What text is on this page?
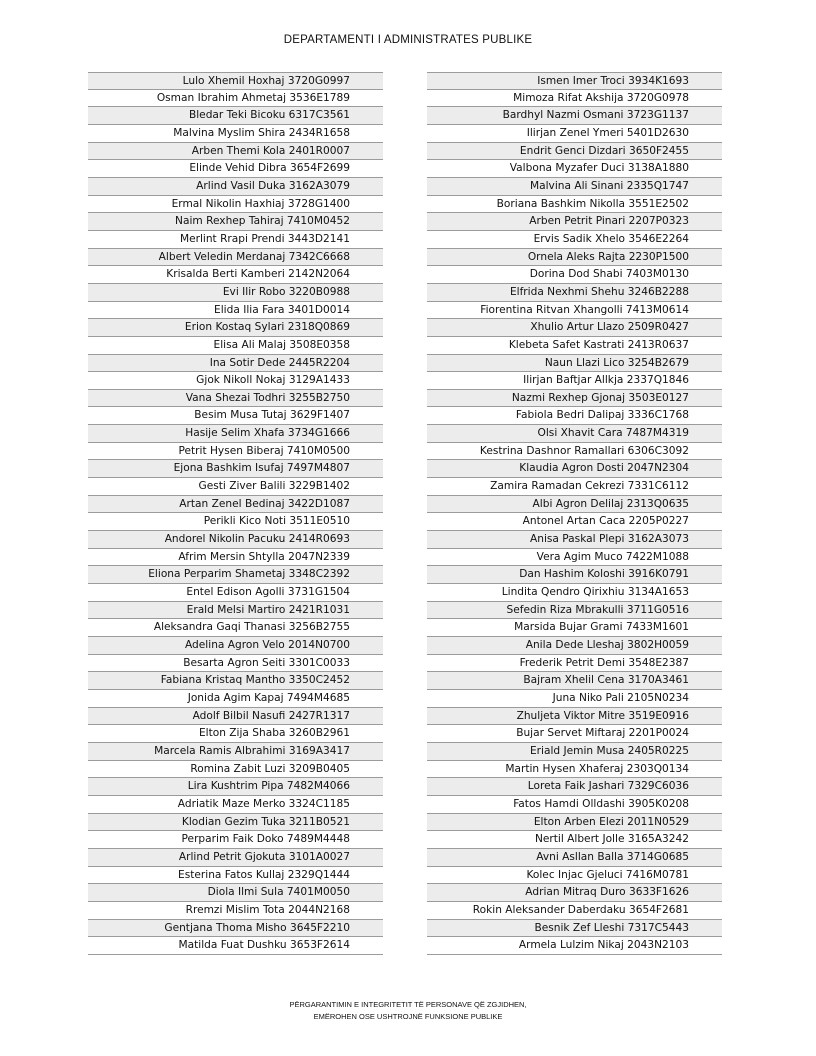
DEPARTAMENTI I ADMINISTRATES PUBLIKE
Lulo Xhemil Hoxhaj 3720G0997
Osman Ibrahim Ahmetaj 3536E1789
Bledar Teki Bicoku 6317C3561
Malvina Myslim Shira 2434R1658
Arben Themi Kola 2401R0007
Elinde Vehid Dibra 3654F2699
Arlind Vasil Duka 3162A3079
Ermal Nikolin Haxhiaj 3728G1400
Naim Rexhep Tahiraj 7410M0452
Merlint Rrapi Prendi 3443D2141
Albert Veledin Merdanaj 7342C6668
Krisalda Berti Kamberi 2142N2064
Evi Ilir Robo 3220B0988
Elida Ilia Fara 3401D0014
Erion Kostaq Sylari 2318Q0869
Elisa Ali Malaj 3508E0358
Ina Sotir Dede 2445R2204
Gjok Nikoll Nokaj 3129A1433
Vana Shezai Todhri 3255B2750
Besim Musa Tutaj 3629F1407
Hasije Selim Xhafa 3734G1666
Petrit Hysen Biberaj 7410M0500
Ejona Bashkim Isufaj 7497M4807
Gesti Ziver Balili 3229B1402
Artan Zenel Bedinaj 3422D1087
Perikli Kico Noti 3511E0510
Andorel Nikolin Pacuku 2414R0693
Afrim Mersin Shtylla 2047N2339
Eliona Perparim Shametaj 3348C2392
Entel Edison Agolli 3731G1504
Erald Melsi Martiro 2421R1031
Aleksandra Gaqi Thanasi 3256B2755
Adelina Agron Velo 2014N0700
Besarta Agron Seiti 3301C0033
Fabiana Kristaq Mantho 3350C2452
Jonida Agim Kapaj 7494M4685
Adolf Bilbil Nasufi 2427R1317
Elton Zija Shaba 3260B2961
Marcela Ramis Albrahimi 3169A3417
Romina Zabit Luzi 3209B0405
Lira Kushtrim Pipa 7482M4066
Adriatik Maze Merko 3324C1185
Klodian Gezim Tuka 3211B0521
Perparim Faik Doko 7489M4448
Arlind Petrit Gjokuta 3101A0027
Esterina Fatos Kullaj 2329Q1444
Diola Ilmi Sula 7401M0050
Rremzi Mislim Tota 2044N2168
Gentjana Thoma Misho 3645F2210
Matilda Fuat Dushku 3653F2614
Ismen Imer Troci 3934K1693
Mimoza Rifat Akshija 3720G0978
Bardhyl Nazmi Osmani 3723G1137
Ilirjan Zenel Ymeri 5401D2630
Endrit Genci Dizdari 3650F2455
Valbona Myzafer Duci 3138A1880
Malvina Ali Sinani 2335Q1747
Boriana Bashkim Nikolla 3551E2502
Arben Petrit Pinari 2207P0323
Ervis Sadik Xhelo 3546E2264
Ornela Aleks Rajta 2230P1500
Dorina Dod Shabi 7403M0130
Elfrida Nexhmi Shehu 3246B2288
Fiorentina Ritvan Xhangolli 7413M0614
Xhulio Artur Llazo 2509R0427
Klebeta Safet Kastrati 2413R0637
Naun Llazi Lico 3254B2679
Ilirjan Baftjar Allkja 2337Q1846
Nazmi Rexhep Gjonaj 3503E0127
Fabiola Bedri Dalipaj 3336C1768
Olsi Xhavit Cara 7487M4319
Kestrina Dashnor Ramallari 6306C3092
Klaudia Agron Dosti 2047N2304
Zamira Ramadan Cekrezi 7331C6112
Albi Agron Delilaj 2313Q0635
Antonel Artan Caca 2205P0227
Anisa Paskal Plepi 3162A3073
Vera Agim Muco 7422M1088
Dan Hashim Koloshi 3916K0791
Lindita Qendro Qirixhiu 3134A1653
Sefedin Riza Mbrakulli 3711G0516
Marsida Bujar Grami 7433M1601
Anila Dede Lleshaj 3802H0059
Frederik Petrit Demi 3548E2387
Bajram Xhelil Cena 3170A3461
Juna Niko Pali 2105N0234
Zhuljeta Viktor Mitre 3519E0916
Bujar Servet Miftaraj 2201P0024
Eriald Jemin Musa 2405R0225
Martin Hysen Xhaferaj 2303Q0134
Loreta Faik Jashari 7329C6036
Fatos Hamdi Olldashi 3905K0208
Elton Arben Elezi 2011N0529
Nertil Albert Jolle 3165A3242
Avni Asllan Balla 3714G0685
Kolec Injac Gjeluci 7416M0781
Adrian Mitraq Duro 3633F1626
Rokin Aleksander Daberdaku 3654F2681
Besnik Zef Lleshi 7317C5443
Armela Lulzim Nikaj 2043N2103
PËRGARANTIMIN E INTEGRITETIT TË PERSONAVE QË ZGJIDHEN,
EMËROHEN OSE USHTROJNË FUNKSIONE PUBLIKE
